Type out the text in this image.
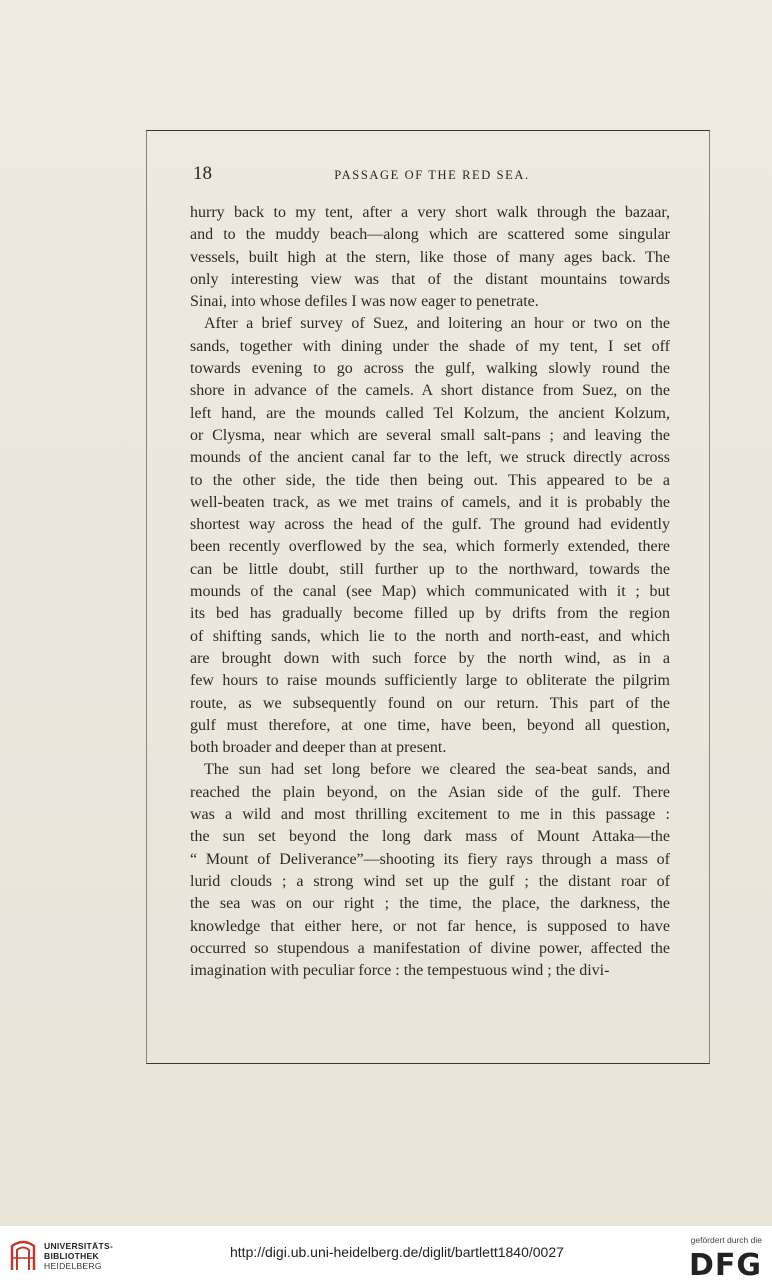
18	PASSAGE OF THE RED SEA.
hurry back to my tent, after a very short walk through the bazaar,
and to the muddy beach—along which are scattered some singular
vessels, built high at the stern, like those of many ages back. The
only interesting view was that of the distant mountains towards
Sinai, into whose defiles I was now eager to penetrate.
After a brief survey of Suez, and loitering an hour or two on the
sands, together with dining under the shade of my tent, I set off
towards evening to go across the gulf, walking slowly round the
shore in advance of the camels. A short distance from Suez, on the
left hand, are the mounds called Tel Kolzum, the ancient Kolzum,
or Clysma, near which are several small salt-pans ; and leaving the
mounds of the ancient canal far to the left, we struck directly across
to the other side, the tide then being out. This appeared to be a
well-beaten track, as we met trains of camels, and it is probably the
shortest way across the head of the gulf. The ground had evidently
been recently overflowed by the sea, which formerly extended, there
can be little doubt, still further up to the northward, towards the
mounds of the canal (see Map) which communicated with it ; but
its bed has gradually become filled up by drifts from the region
of shifting sands, which lie to the north and north-east, and which
are brought down with such force by the north wind, as in a
few hours to raise mounds sufficiently large to obliterate the pilgrim
route, as we subsequently found on our return. This part of the
gulf must therefore, at one time, have been, beyond all question,
both broader and deeper than at present.
The sun had set long before we cleared the sea-beat sands, and
reached the plain beyond, on the Asian side of the gulf. There
was a wild and most thrilling excitement to me in this passage :
the sun set beyond the long dark mass of Mount Attaka—the
“ Mount of Deliverance”—shooting its fiery rays through a mass of
lurid clouds ; a strong wind set up the gulf ; the distant roar of
the sea was on our right ; the time, the place, the darkness, the
knowledge that either here, or not far hence, is supposed to have
occurred so stupendous a manifestation of divine power, affected the
imagination with peculiar force : the tempestuous wind ; the divi-
UNIVERSITÄTS-
BIBLIOTHEK
HEIDELBERG
http://digi.ub.uni-heidelberg.de/diglit/bartlett1840/0027
gefördert durch die
DFG
